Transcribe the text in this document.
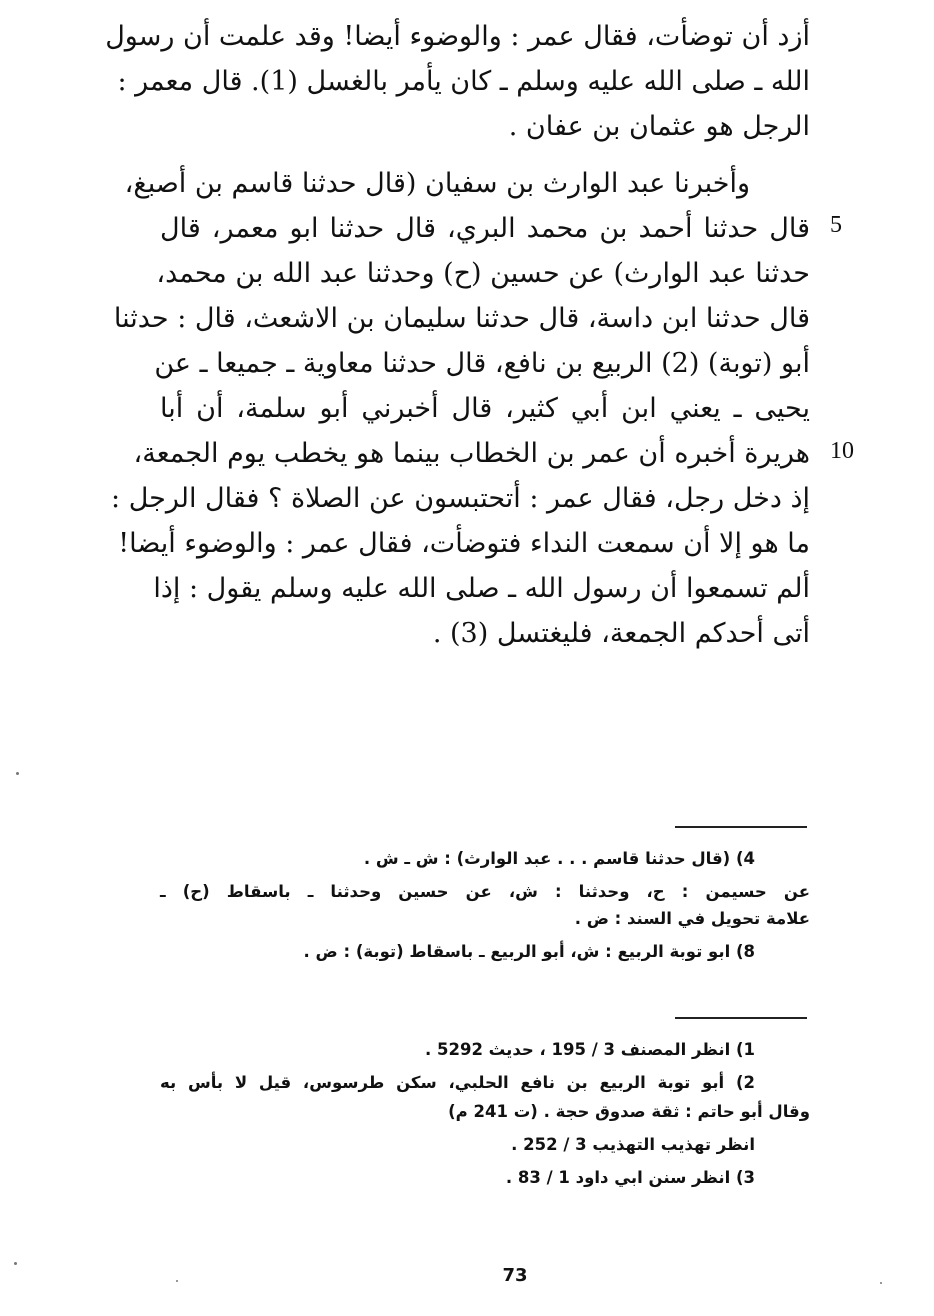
أزد أن توضأت، فقال عمر : والوضوء أيضا! وقد علمت أن رسول
الله ـ صلى الله عليه وسلم ـ كان يأمر بالغسل (1). قال معمر :
الرجل هو عثمان بن عفان .
وأخبرنا عبد الوارث بن سفيان (قال حدثنا قاسم بن أصبغ،
قال حدثنا أحمد بن محمد البري، قال حدثنا ابو معمر، قال
حدثنا عبد الوارث) عن حسين (ح) وحدثنا عبد الله بن محمد،
قال حدثنا ابن داسة، قال حدثنا سليمان بن الاشعث، قال : حدثنا
أبو (توبة) (2) الربيع بن نافع، قال حدثنا معاوية ـ جميعا ـ عن
يحيى ـ يعني ابن أبي كثير، قال أخبرني أبو سلمة، أن أبا
هريرة أخبره أن عمر بن الخطاب بينما هو يخطب يوم الجمعة،
إذ دخل رجل، فقال عمر : أتحتبسون عن الصلاة ؟ فقال الرجل :
ما هو إلا أن سمعت النداء فتوضأت، فقال عمر : والوضوء أيضا!
ألم تسمعوا أن رسول الله ـ صلى الله عليه وسلم يقول : إذا
أتى أحدكم الجمعة، فليغتسل (3) .
5
10
4) (قال حدثنا قاسم . . . عبد الوارث) : ش ـ ش .
عن حسيمن : ح، وحدثنا : ش، عن حسين وحدثنا ـ باسقاط (ح) ـ
علامة تحويل في السند : ض .
8) ابو توبة الربيع : ش، أبو الربيع ـ باسقاط (توبة) : ض .
1) انظر المصنف 3 / 195 ، حديث 5292 .
2) أبو توبة الربيع بن نافع الحلبي، سكن طرسوس، قيل لا بأس به
وقال أبو حاتم : ثقة صدوق حجة . (ت 241 م)
انظر تهذيب التهذيب 3 / 252 .
3) انظر سنن ابي داود 1 / 83 .
73
